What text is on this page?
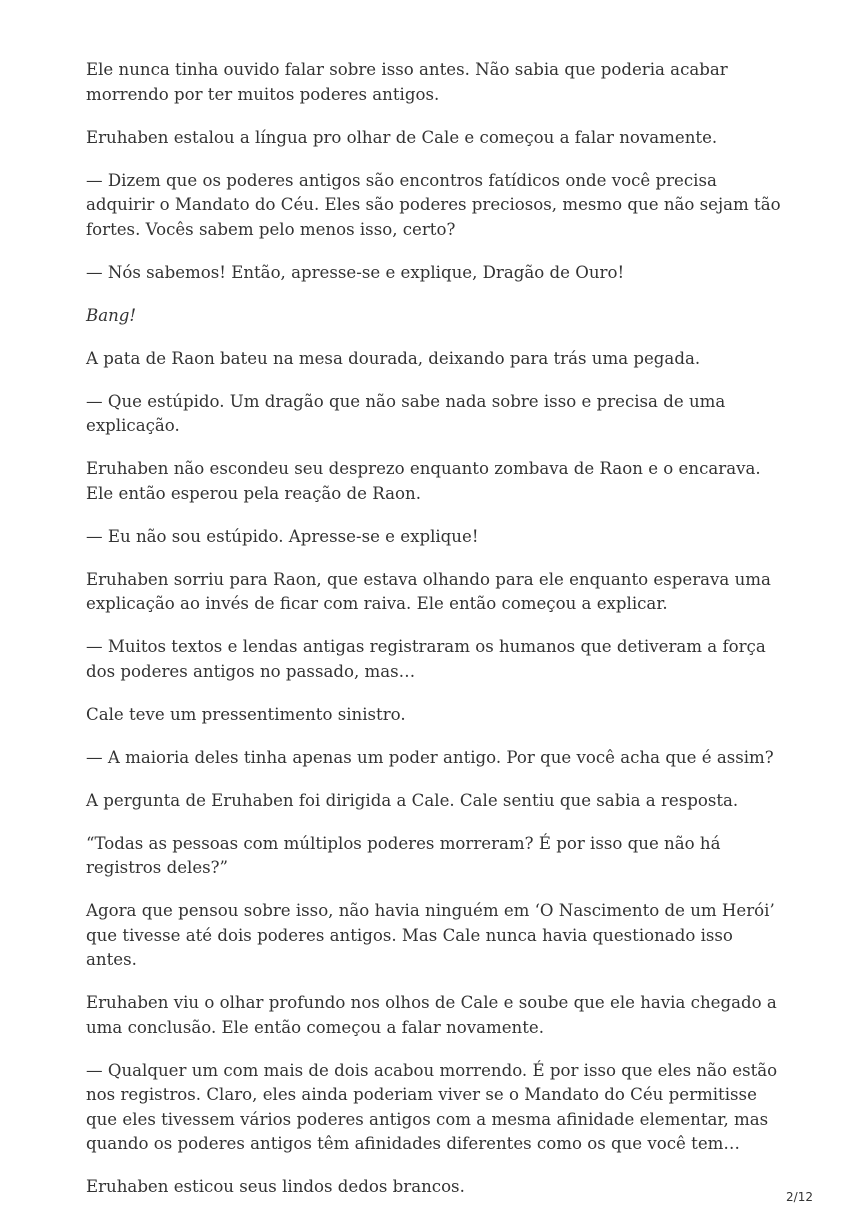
Ele nunca tinha ouvido falar sobre isso antes. Não sabia que poderia acabar morrendo por ter muitos poderes antigos.

Eruhaben estalou a língua pro olhar de Cale e começou a falar novamente.

— Dizem que os poderes antigos são encontros fatídicos onde você precisa adquirir o Mandato do Céu. Eles são poderes preciosos, mesmo que não sejam tão fortes. Vocês sabem pelo menos isso, certo?

— Nós sabemos! Então, apresse-se e explique, Dragão de Ouro!

Bang!

A pata de Raon bateu na mesa dourada, deixando para trás uma pegada.

— Que estúpido. Um dragão que não sabe nada sobre isso e precisa de uma explicação.

Eruhaben não escondeu seu desprezo enquanto zombava de Raon e o encarava. Ele então esperou pela reação de Raon.

— Eu não sou estúpido. Apresse-se e explique!

Eruhaben sorriu para Raon, que estava olhando para ele enquanto esperava uma explicação ao invés de ficar com raiva. Ele então começou a explicar.

— Muitos textos e lendas antigas registraram os humanos que detiveram a força dos poderes antigos no passado, mas…

Cale teve um pressentimento sinistro.

— A maioria deles tinha apenas um poder antigo. Por que você acha que é assim?

A pergunta de Eruhaben foi dirigida a Cale. Cale sentiu que sabia a resposta.

“Todas as pessoas com múltiplos poderes morreram? É por isso que não há registros deles?”

Agora que pensou sobre isso, não havia ninguém em ‘O Nascimento de um Herói’ que tivesse até dois poderes antigos. Mas Cale nunca havia questionado isso antes.

Eruhaben viu o olhar profundo nos olhos de Cale e soube que ele havia chegado a uma conclusão. Ele então começou a falar novamente.

— Qualquer um com mais de dois acabou morrendo. É por isso que eles não estão nos registros. Claro, eles ainda poderiam viver se o Mandato do Céu permitisse que eles tivessem vários poderes antigos com a mesma afinidade elementar, mas quando os poderes antigos têm afinidades diferentes como os que você tem…

Eruhaben esticou seus lindos dedos brancos.

2/12
